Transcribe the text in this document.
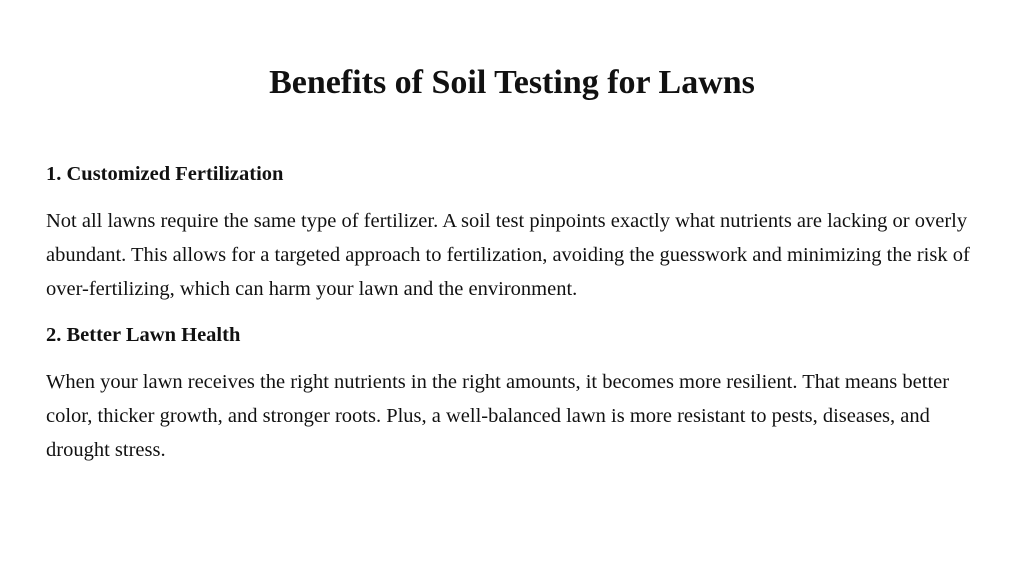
Benefits of Soil Testing for Lawns
1. Customized Fertilization

Not all lawns require the same type of fertilizer. A soil test pinpoints exactly what nutrients are lacking or overly abundant. This allows for a targeted approach to fertilization, avoiding the guesswork and minimizing the risk of over-fertilizing, which can harm your lawn and the environment.

2. Better Lawn Health

When your lawn receives the right nutrients in the right amounts, it becomes more resilient. That means better color, thicker growth, and stronger roots. Plus, a well-balanced lawn is more resistant to pests, diseases, and drought stress.
